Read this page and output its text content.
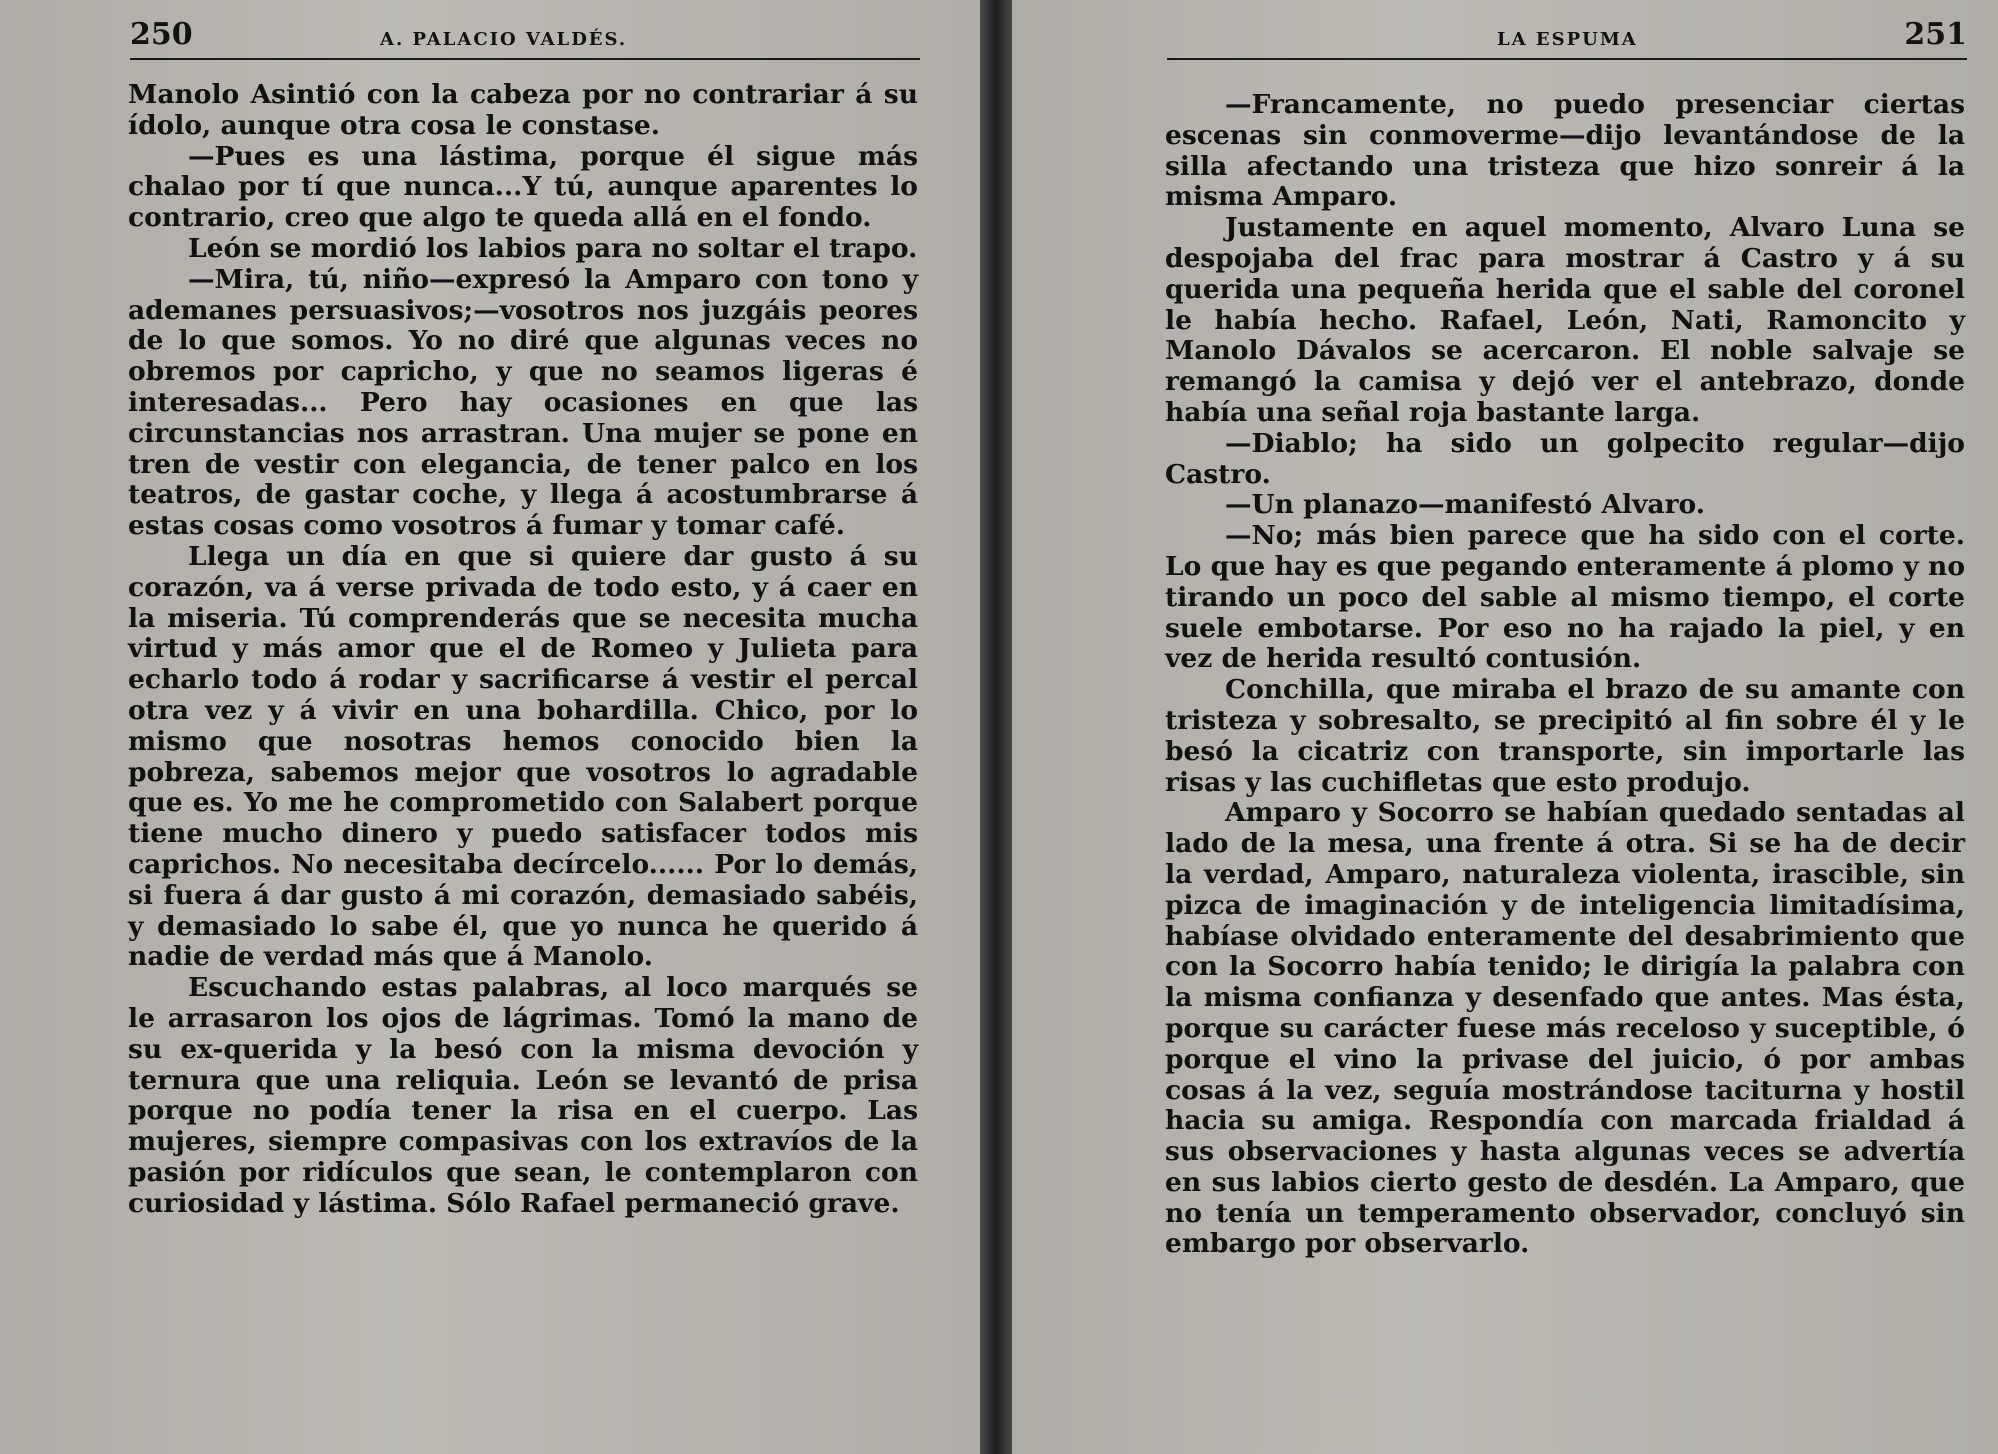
250	A. PALACIO VALDÉS.

Manolo Asintió con la cabeza por no contrariar á su ídolo, aunque otra cosa le constase.

—Pues es una lástima, porque él sigue más chalao por tí que nunca...Y tú, aunque aparentes lo contrario, creo que algo te queda allá en el fondo.

León se mordió los labios para no soltar el trapo.

—Mira, tú, niño—expresó la Amparo con tono y ademanes persuasivos;—vosotros nos juzgáis peores de lo que somos. Yo no diré que algunas veces no obremos por capricho, y que no seamos ligeras é interesadas... Pero hay ocasiones en que las circunstancias nos arrastran. Una mujer se pone en tren de vestir con elegancia, de tener palco en los teatros, de gastar coche, y llega á acostumbrarse á estas cosas como vosotros á fumar y tomar café.

Llega un día en que si quiere dar gusto á su corazón, va á verse privada de todo esto, y á caer en la miseria. Tú comprenderás que se necesita mucha virtud y más amor que el de Romeo y Julieta para echarlo todo á rodar y sacrificarse á vestir el percal otra vez y á vivir en una bohardilla. Chico, por lo mismo que nosotras hemos conocido bien la pobreza, sabemos mejor que vosotros lo agradable que es. Yo me he comprometido con Salabert porque tiene mucho dinero y puedo satisfacer todos mis caprichos. No necesitaba decírcelo...... Por lo demás, si fuera á dar gusto á mi corazón, demasiado sabéis, y demasiado lo sabe él, que yo nunca he querido á nadie de verdad más que á Manolo.

Escuchando estas palabras, al loco marqués se le arrasaron los ojos de lágrimas. Tomó la mano de su ex-querida y la besó con la misma devoción y ternura que una reliquia. León se levantó de prisa porque no podía tener la risa en el cuerpo. Las mujeres, siempre compasivas con los extravíos de la pasión por ridículos que sean, le contemplaron con curiosidad y lástima. Sólo Rafael permaneció grave.

LA ESPUMA	251

—Francamente, no puedo presenciar ciertas escenas sin conmoverme—dijo levantándose de la silla afectando una tristeza que hizo sonreir á la misma Amparo.

Justamente en aquel momento, Alvaro Luna se despojaba del frac para mostrar á Castro y á su querida una pequeña herida que el sable del coronel le había hecho. Rafael, León, Nati, Ramoncito y Manolo Dávalos se acercaron. El noble salvaje se remangó la camisa y dejó ver el antebrazo, donde había una señal roja bastante larga.

—Diablo; ha sido un golpecito regular—dijo Castro.

—Un planazo—manifestó Alvaro.

—No; más bien parece que ha sido con el corte. Lo que hay es que pegando enteramente á plomo y no tirando un poco del sable al mismo tiempo, el corte suele embotarse. Por eso no ha rajado la piel, y en vez de herida resultó contusión.

Conchilla, que miraba el brazo de su amante con tristeza y sobresalto, se precipitó al fin sobre él y le besó la cicatriz con transporte, sin importarle las risas y las cuchifletas que esto produjo.

Amparo y Socorro se habían quedado sentadas al lado de la mesa, una frente á otra. Si se ha de decir la verdad, Amparo, naturaleza violenta, irascible, sin pizca de imaginación y de inteligencia limitadísima, habíase olvidado enteramente del desabrimiento que con la Socorro había tenido; le dirigía la palabra con la misma confianza y desenfado que antes. Mas ésta, porque su carácter fuese más receloso y suceptible, ó porque el vino la privase del juicio, ó por ambas cosas á la vez, seguía mostrándose taciturna y hostil hacia su amiga. Respondía con marcada frialdad á sus observaciones y hasta algunas veces se advertía en sus labios cierto gesto de desdén. La Amparo, que no tenía un temperamento observador, concluyó sin embargo por observarlo.
